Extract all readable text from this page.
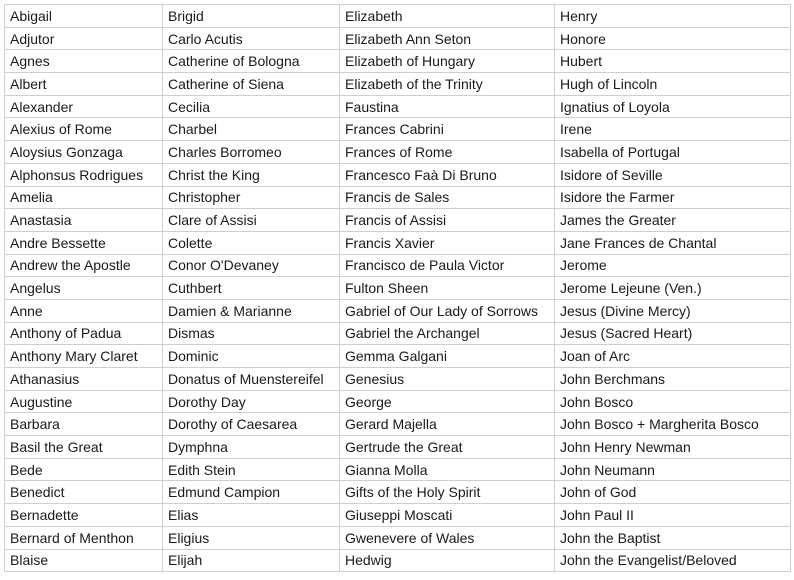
Abigail	Brigid	Elizabeth	Henry
Adjutor	Carlo Acutis	Elizabeth Ann Seton	Honore
Agnes	Catherine of Bologna	Elizabeth of Hungary	Hubert
Albert	Catherine of Siena	Elizabeth of the Trinity	Hugh of Lincoln
Alexander	Cecilia	Faustina	Ignatius of Loyola
Alexius of Rome	Charbel	Frances Cabrini	Irene
Aloysius Gonzaga	Charles Borromeo	Frances of Rome	Isabella of Portugal
Alphonsus Rodrigues	Christ the King	Francesco Faà Di Bruno	Isidore of Seville
Amelia	Christopher	Francis de Sales	Isidore the Farmer
Anastasia	Clare of Assisi	Francis of Assisi	James the Greater
Andre Bessette	Colette	Francis Xavier	Jane Frances de Chantal
Andrew the Apostle	Conor O'Devaney	Francisco de Paula Victor	Jerome
Angelus	Cuthbert	Fulton Sheen	Jerome Lejeune (Ven.)
Anne	Damien & Marianne	Gabriel of Our Lady of Sorrows	Jesus (Divine Mercy)
Anthony of Padua	Dismas	Gabriel the Archangel	Jesus (Sacred Heart)
Anthony Mary Claret	Dominic	Gemma Galgani	Joan of Arc
Athanasius	Donatus of Muenstereifel	Genesius	John Berchmans
Augustine	Dorothy Day	George	John Bosco
Barbara	Dorothy of Caesarea	Gerard Majella	John Bosco + Margherita Bosco
Basil the Great	Dymphna	Gertrude the Great	John Henry Newman
Bede	Edith Stein	Gianna Molla	John Neumann
Benedict	Edmund Campion	Gifts of the Holy Spirit	John of God
Bernadette	Elias	Giuseppi Moscati	John Paul II
Bernard of Menthon	Eligius	Gwenevere of Wales	John the Baptist
Blaise	Elijah	Hedwig	John the Evangelist/Beloved
